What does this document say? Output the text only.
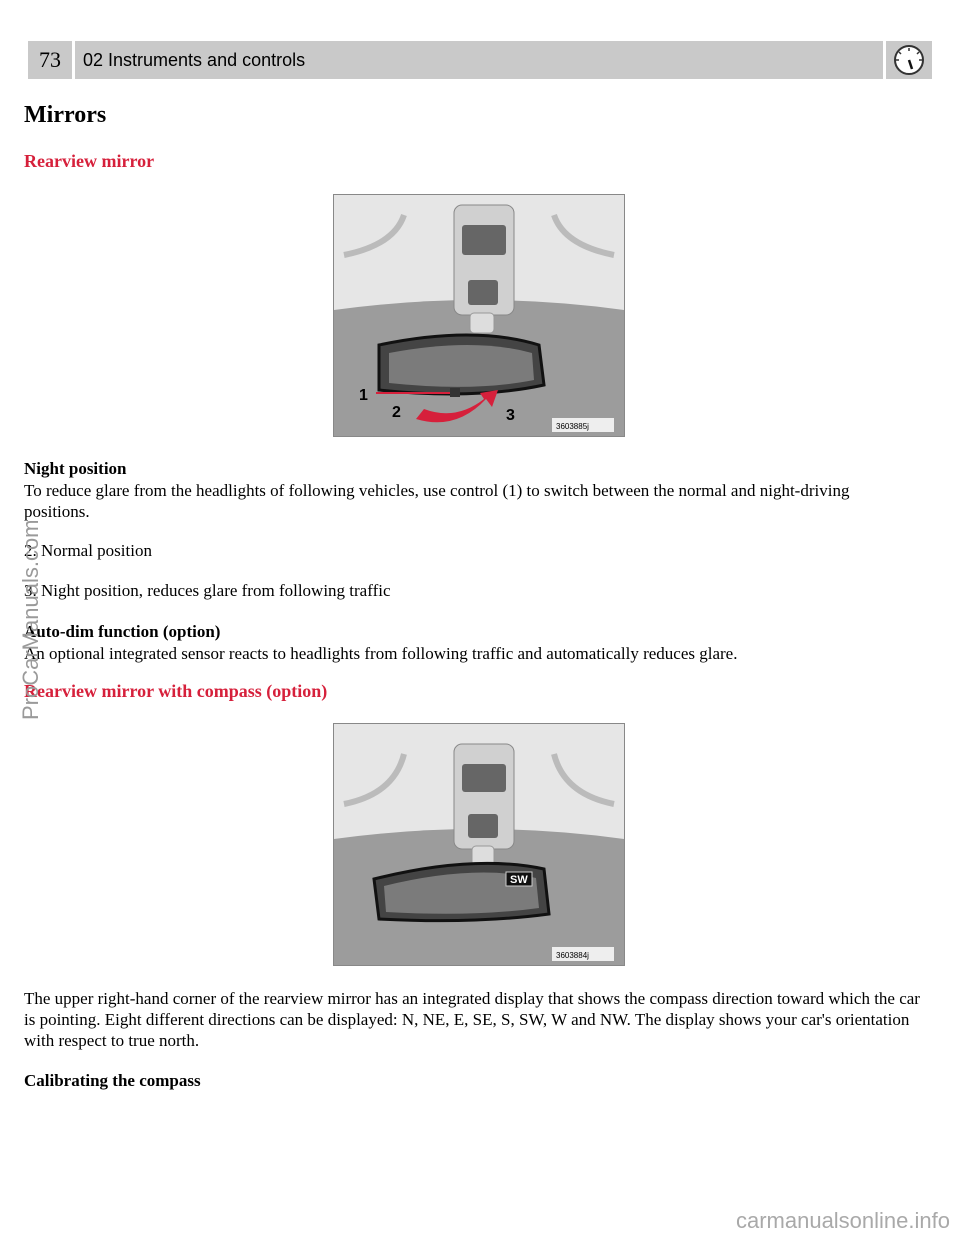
73	02 Instruments and controls
Mirrors
Rearview mirror
1
2	3
3603885j
Night position
To reduce glare from the headlights of following vehicles, use control (1) to switch between the normal and night-driving positions.
2. Normal position
3. Night position, reduces glare from following traffic
Auto-dim function (option)
An optional integrated sensor reacts to headlights from following traffic and automatically reduces glare.
Rearview mirror with compass (option)
SW
3603884j
The upper right-hand corner of the rearview mirror has an integrated display that shows the compass direction toward which the car is pointing. Eight different directions can be displayed: N, NE, E, SE, S, SW, W and NW. The display shows your car's orientation with respect to true north.
Calibrating the compass
ProCarManuals.com
carmanualsonline.info
